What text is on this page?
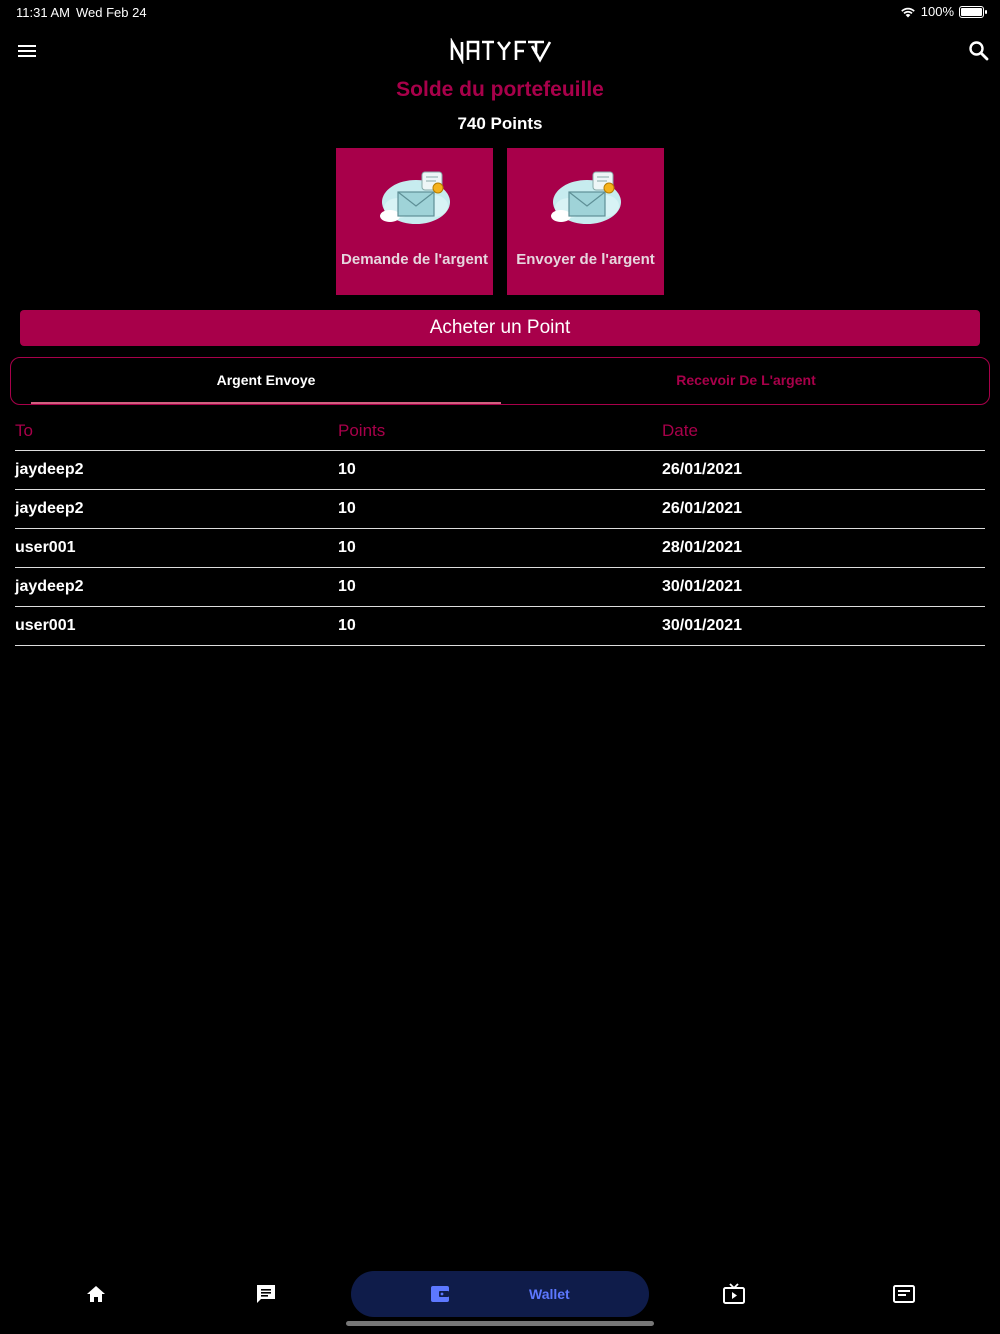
11:31 AM Wed Feb 24	100%
Solde du portefeuille
740 Points
Demande de l'argent	Envoyer de l'argent
Acheter un Point
Argent Envoye	Recevoir De L'argent
To	Points	Date
jaydeep2	10	26/01/2021
jaydeep2	10	26/01/2021
user001	10	28/01/2021
jaydeep2	10	30/01/2021
user001	10	30/01/2021
Wallet
